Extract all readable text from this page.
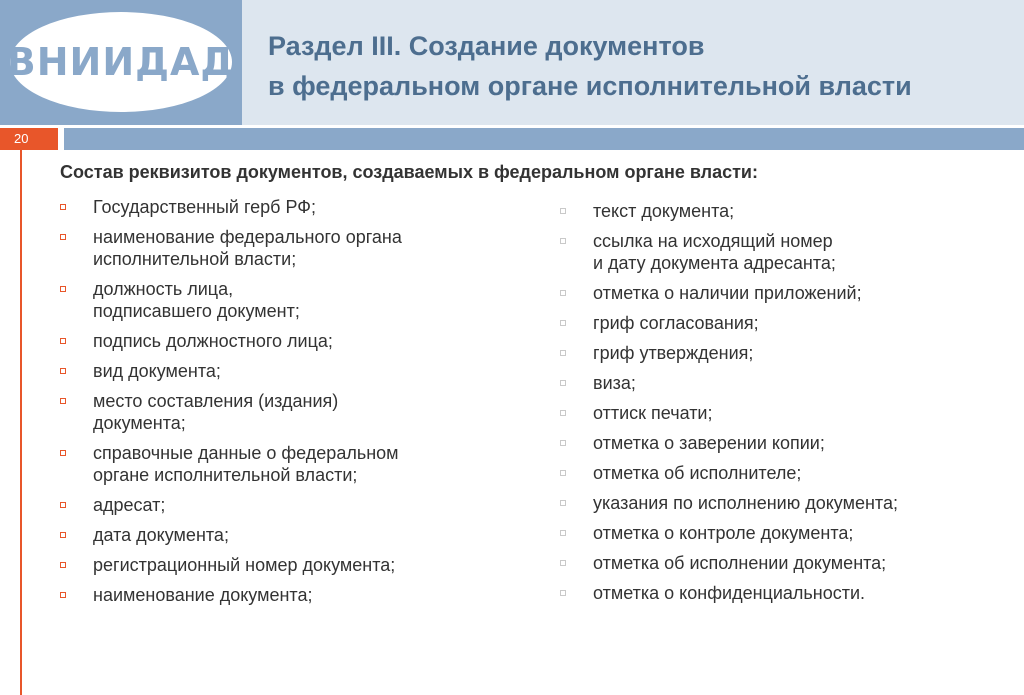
ВНИИДАД Раздел III. Создание документов
в федеральном органе исполнительной власти
20
Состав реквизитов документов, создаваемых в федеральном органе власти:
Государственный герб РФ;
наименование федерального органа
исполнительной власти;
должность лица,
подписавшего документ;
подпись должностного лица;
вид документа;
место составления (издания)
документа;
справочные данные о федеральном
органе исполнительной власти;
адресат;
дата документа;
регистрационный номер документа;
наименование документа;
текст документа;
ссылка на исходящий номер
и дату документа адресанта;
отметка о наличии приложений;
гриф согласования;
гриф утверждения;
виза;
оттиск печати;
отметка о заверении копии;
отметка об исполнителе;
указания по исполнению документа;
отметка о контроле документа;
отметка об исполнении документа;
отметка о конфиденциальности.
